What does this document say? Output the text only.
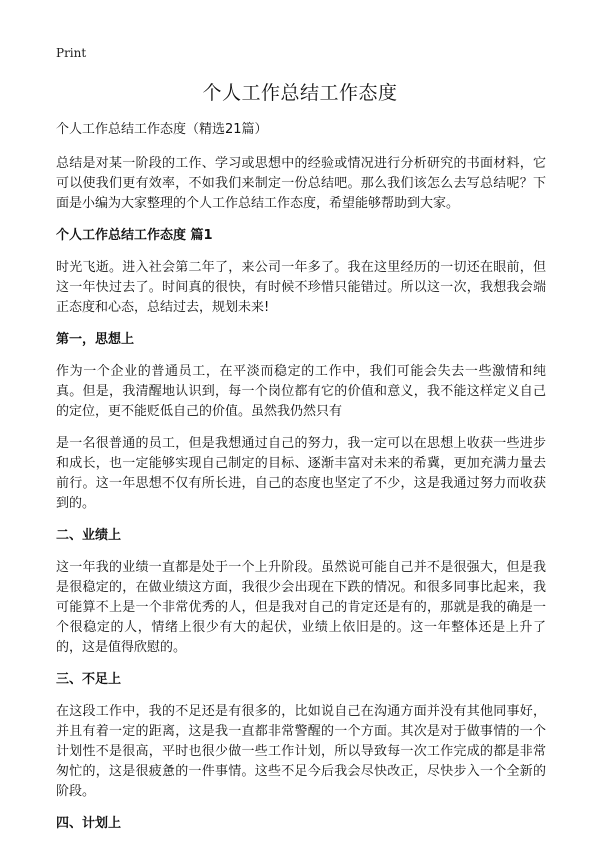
Print
个人工作总结工作态度

个人工作总结工作态度（精选21篇）

总结是对某一阶段的工作、学习或思想中的经验或情况进行分析研究的书面材料，它可以使我们更有效率，不如我们来制定一份总结吧。那么我们该怎么去写总结呢？下面是小编为大家整理的个人工作总结工作态度，希望能够帮助到大家。

个人工作总结工作态度 篇1

时光飞逝。进入社会第二年了，来公司一年多了。我在这里经历的一切还在眼前，但这一年快过去了。时间真的很快，有时候不珍惜只能错过。所以这一次，我想我会端正态度和心态，总结过去，规划未来!

第一，思想上

作为一个企业的普通员工，在平淡而稳定的工作中，我们可能会失去一些激情和纯真。但是，我清醒地认识到，每一个岗位都有它的价值和意义，我不能这样定义自己的定位，更不能贬低自己的价值。虽然我仍然只有

是一名很普通的员工，但是我想通过自己的努力，我一定可以在思想上收获一些进步和成长，也一定能够实现自己制定的目标、逐渐丰富对未来的希冀，更加充满力量去前行。这一年思想不仅有所长进，自己的态度也坚定了不少，这是我通过努力而收获到的。

二、业绩上

这一年我的业绩一直都是处于一个上升阶段。虽然说可能自己并不是很强大，但是我是很稳定的，在做业绩这方面，我很少会出现在下跌的情况。和很多同事比起来，我可能算不上是一个非常优秀的人，但是我对自己的肯定还是有的，那就是我的确是一个很稳定的人，情绪上很少有大的起伏，业绩上依旧是的。这一年整体还是上升了的，这是值得欣慰的。

三、不足上

在这段工作中，我的不足还是有很多的，比如说自己在沟通方面并没有其他同事好，并且有着一定的距离，这是我一直都非常警醒的一个方面。其次是对于做事情的一个计划性不是很高，平时也很少做一些工作计划，所以导致每一次工作完成的都是非常匆忙的，这是很疲惫的一件事情。这些不足今后我会尽快改正，尽快步入一个全新的阶段。

四、计划上
